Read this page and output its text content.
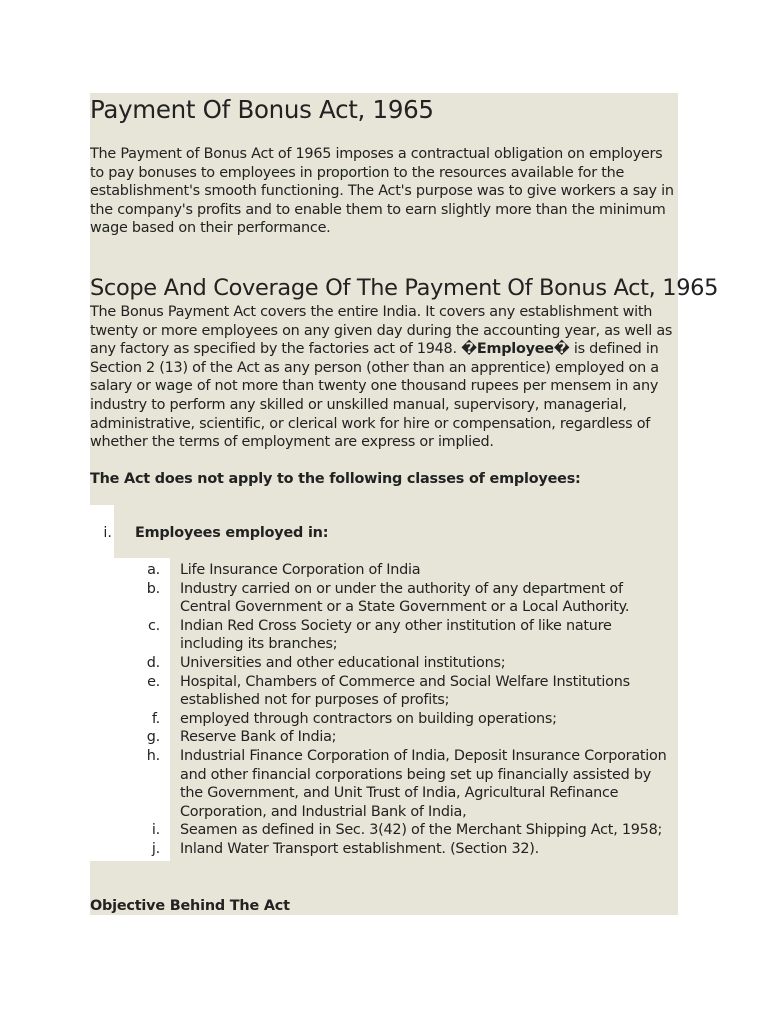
Payment Of Bonus Act, 1965

The Payment of Bonus Act of 1965 imposes a contractual obligation on employers to pay bonuses to employees in proportion to the resources available for the establishment's smooth functioning. The Act's purpose was to give workers a say in the company's profits and to enable them to earn slightly more than the minimum wage based on their performance.

Scope And Coverage Of The Payment Of Bonus Act, 1965

The Bonus Payment Act covers the entire India. It covers any establishment with twenty or more employees on any given day during the accounting year, as well as any factory as specified by the factories act of 1948. �Employee� is defined in Section 2 (13) of the Act as any person (other than an apprentice) employed on a salary or wage of not more than twenty one thousand rupees per mensem in any industry to perform any skilled or unskilled manual, supervisory, managerial, administrative, scientific, or clerical work for hire or compensation, regardless of whether the terms of employment are express or implied.

The Act does not apply to the following classes of employees:

i. Employees employed in:
a. Life Insurance Corporation of India
b. Industry carried on or under the authority of any department of Central Government or a State Government or a Local Authority.
c. Indian Red Cross Society or any other institution of like nature including its branches;
d. Universities and other educational institutions;
e. Hospital, Chambers of Commerce and Social Welfare Institutions established not for purposes of profits;
f. employed through contractors on building operations;
g. Reserve Bank of India;
h. Industrial Finance Corporation of India, Deposit Insurance Corporation and other financial corporations being set up financially assisted by the Government, and Unit Trust of India, Agricultural Refinance Corporation, and Industrial Bank of India,
i. Seamen as defined in Sec. 3(42) of the Merchant Shipping Act, 1958;
j. Inland Water Transport establishment. (Section 32).

Objective Behind The Act
